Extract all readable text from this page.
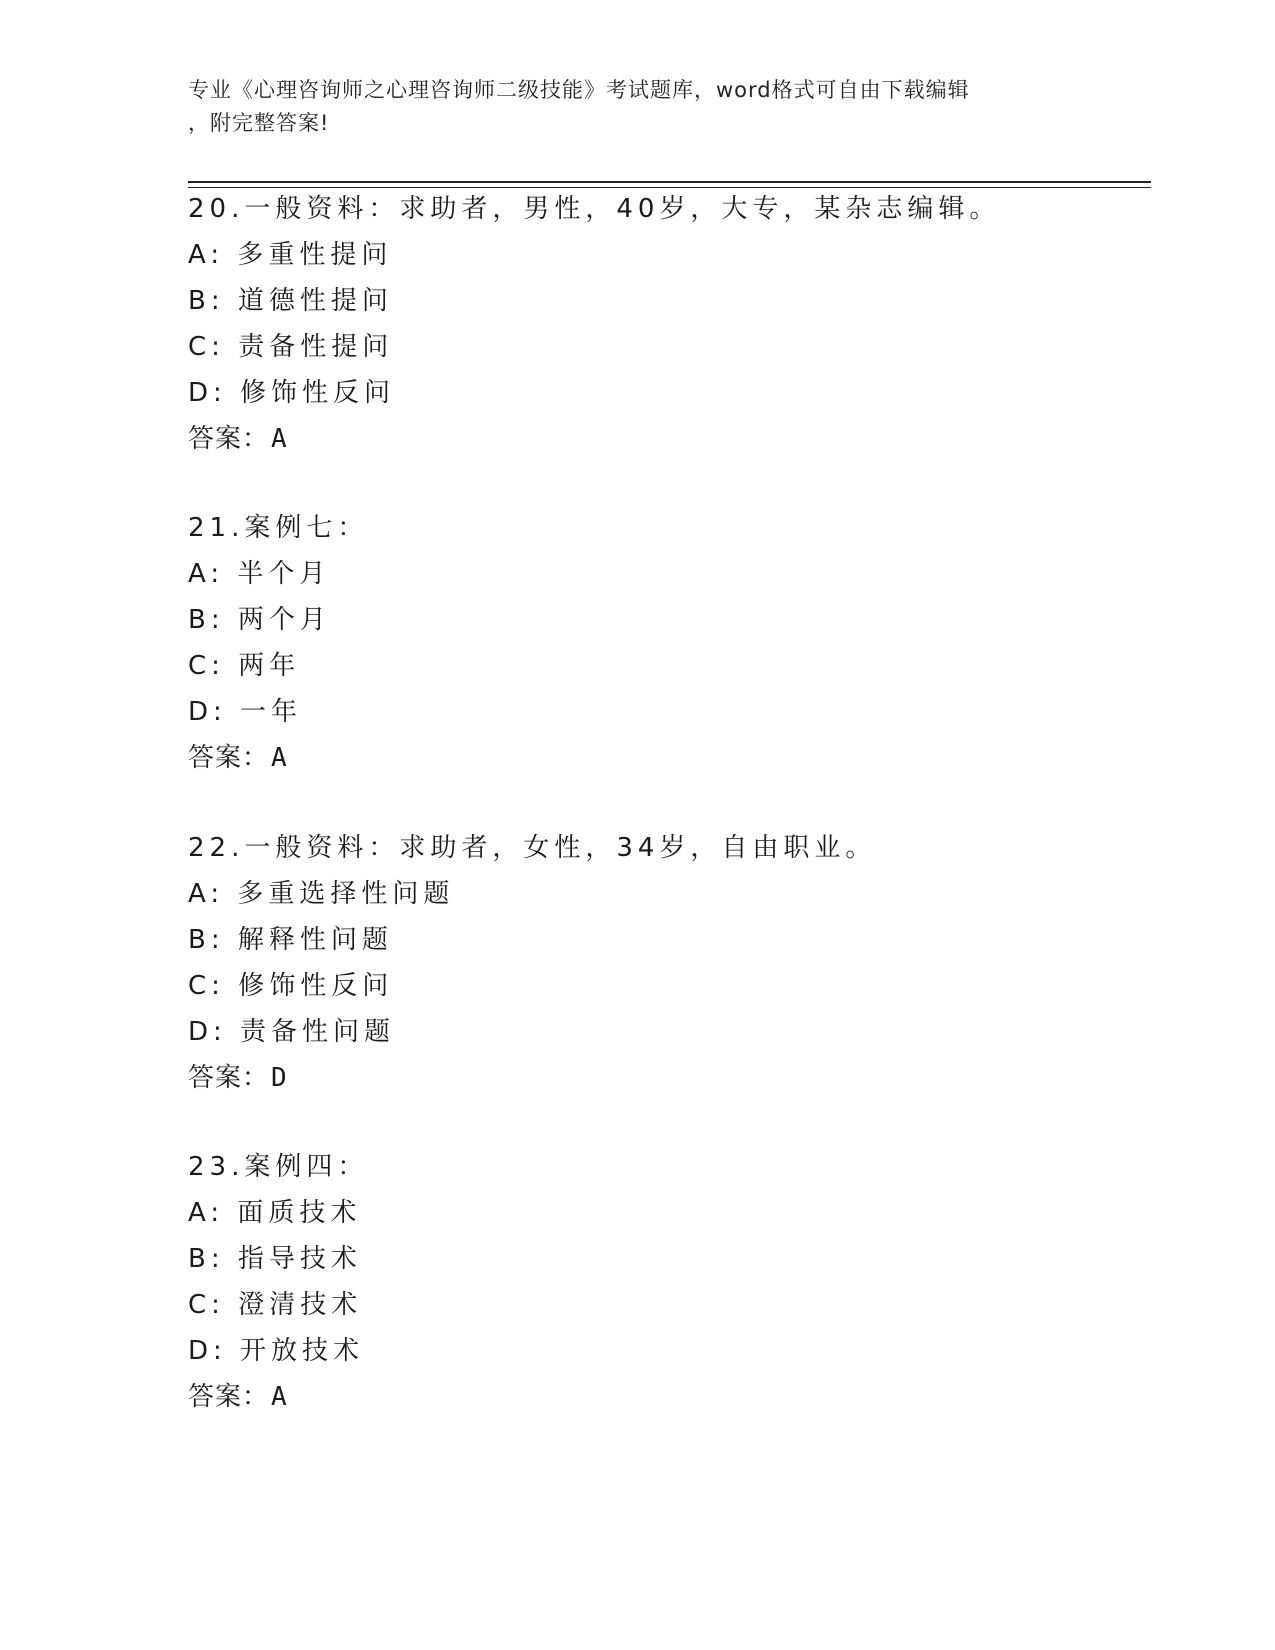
专业《心理咨询师之心理咨询师二级技能》考试题库，word格式可自由下载编辑
，附完整答案!
20.一般资料：求助者，男性，40岁，大专，某杂志编辑。
A: 多重性提问
B: 道德性提问
C: 责备性提问
D: 修饰性反问
答案：A
21.案例七：
A: 半个月
B: 两个月
C: 两年
D: 一年
答案：A
22.一般资料：求助者，女性，34岁，自由职业。
A: 多重选择性问题
B: 解释性问题
C: 修饰性反问
D: 责备性问题
答案：D
23.案例四：
A: 面质技术
B: 指导技术
C: 澄清技术
D: 开放技术
答案：A
